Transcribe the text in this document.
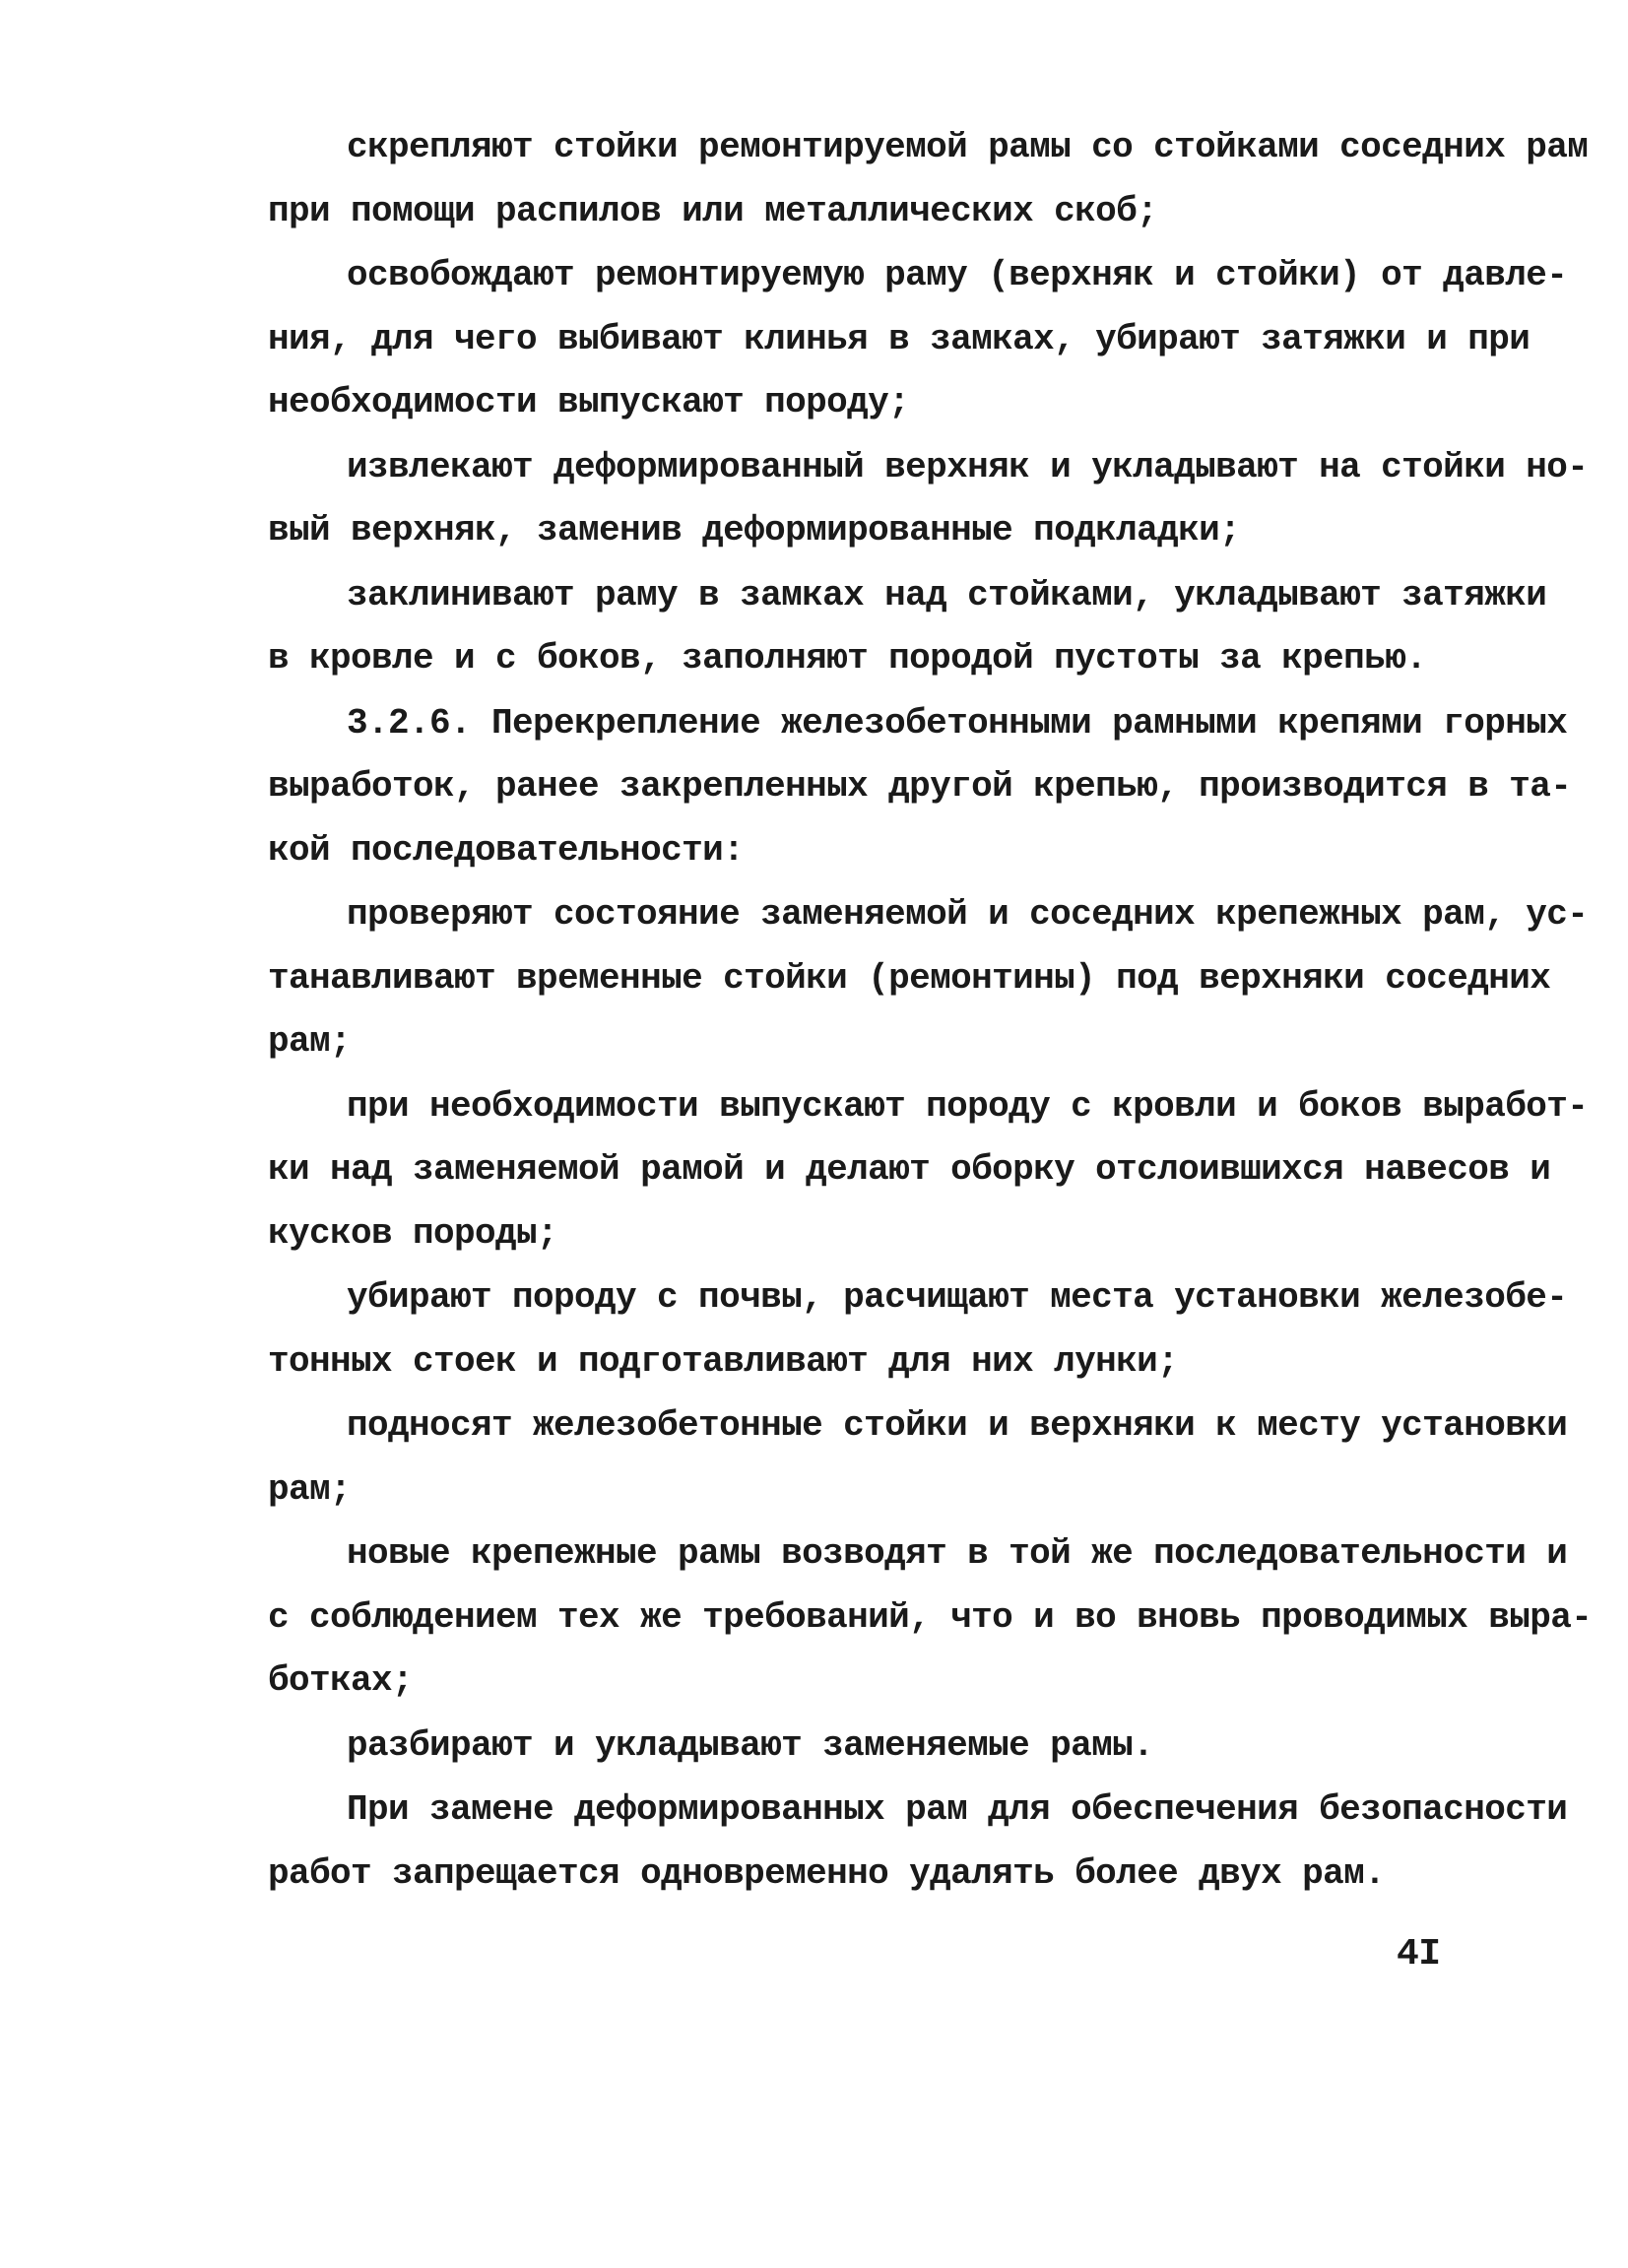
скрепляют стойки ремонтируемой рамы со стойками соседних рам
при помощи распилов или металлических скоб;
освобождают ремонтируемую раму (верхняк и стойки) от давле-
ния, для чего выбивают клинья в замках, убирают затяжки и при
необходимости выпускают породу;
извлекают деформированный верхняк и укладывают на стойки но-
вый верхняк, заменив деформированные подкладки;
заклинивают раму в замках над стойками, укладывают затяжки
в кровле и с боков, заполняют породой пустоты за крепью.
3.2.6. Перекрепление железобетонными рамными крепями горных
выработок, ранее закрепленных другой крепью, производится в та-
кой последовательности:
проверяют состояние заменяемой и соседних крепежных рам, ус-
танавливают временные стойки (ремонтины) под верхняки соседних
рам;
при необходимости выпускают породу с кровли и боков выработ-
ки над заменяемой рамой и делают оборку отслоившихся навесов и
кусков породы;
убирают породу с почвы, расчищают места установки железобе-
тонных стоек и подготавливают для них лунки;
подносят железобетонные стойки и верхняки к месту установки
рам;
новые крепежные рамы возводят в той же последовательности и
с соблюдением тех же требований, что и во вновь проводимых выра-
ботках;
разбирают и укладывают заменяемые рамы.
При замене деформированных рам для обеспечения безопасности
работ запрещается одновременно удалять более двух рам.
4I
